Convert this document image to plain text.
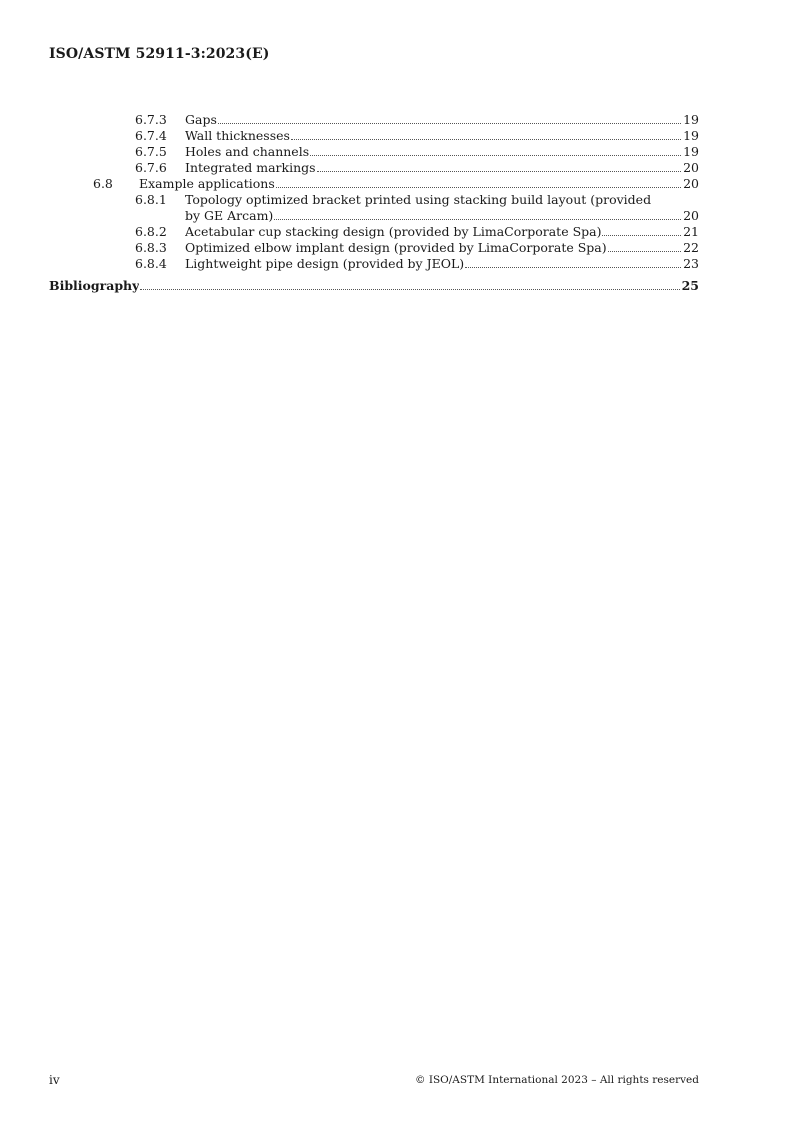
ISO/ASTM 52911-3:2023(E)
6.7.3	Gaps	19
6.7.4	Wall thicknesses	19
6.7.5	Holes and channels	19
6.7.6	Integrated markings	20
6.8	Example applications	20
6.8.1	Topology optimized bracket printed using stacking build layout (provided
by GE Arcam)	20
6.8.2	Acetabular cup stacking design (provided by LimaCorporate Spa)	21
6.8.3	Optimized elbow implant design (provided by LimaCorporate Spa)	22
6.8.4	Lightweight pipe design (provided by JEOL)	23
Bibliography	25
iv	© ISO/ASTM International 2023 – All rights reserved
